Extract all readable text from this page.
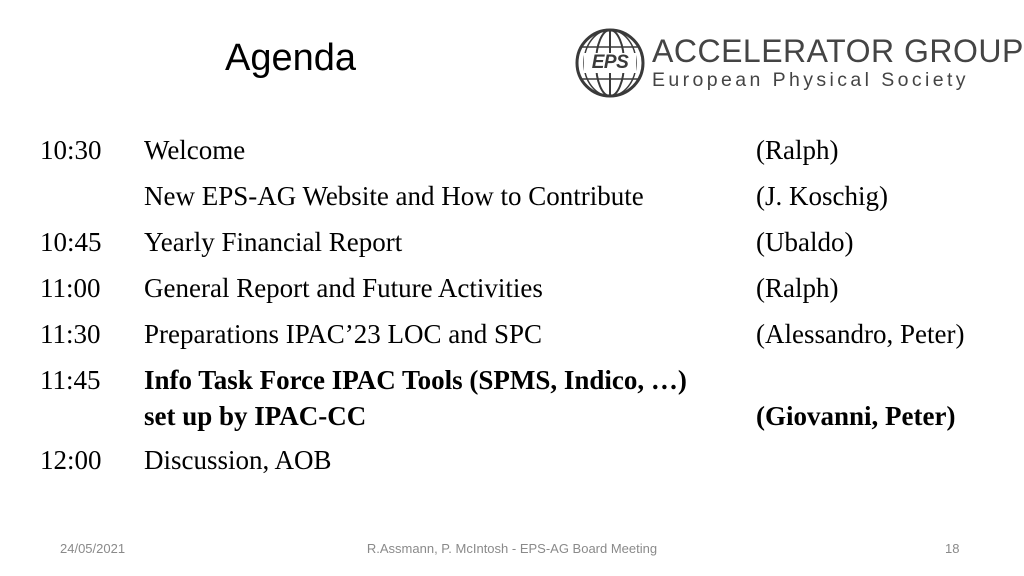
Agenda	EPS ACCELERATOR GROUP
European Physical Society
10:30 Welcome	(Ralph)
New EPS-AG Website and How to Contribute	(J. Koschig)
10:45 Yearly Financial Report	(Ubaldo)
11:00 General Report and Future Activities	(Ralph)
11:30 Preparations IPAC’23 LOC and SPC	(Alessandro, Peter)
11:45 Info Task Force IPAC Tools (SPMS, Indico, …)
set up by IPAC-CC	(Giovanni, Peter)
12:00 Discussion, AOB
24/05/2021	R.Assmann, P. McIntosh - EPS-AG Board Meeting	18
